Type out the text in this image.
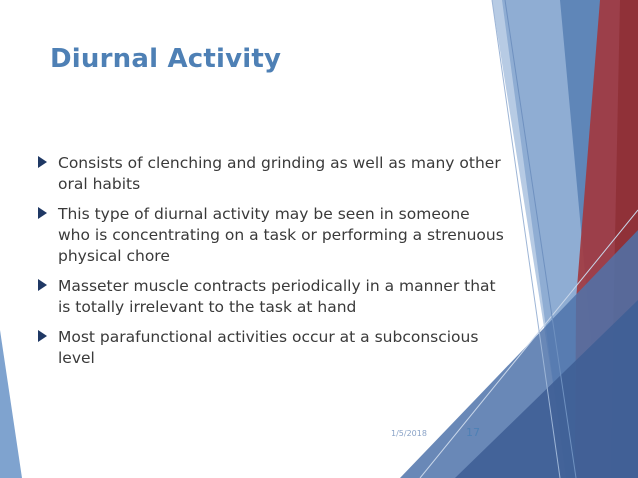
Diurnal Activity
Consists of clenching and grinding as well as many other oral habits
This type of diurnal activity may be seen in someone who is concentrating on a task or performing a strenuous physical chore
Masseter muscle contracts periodically in a manner that is totally irrelevant to the task at hand
Most parafunctional activities occur at a subconscious level
1/5/2018	17
